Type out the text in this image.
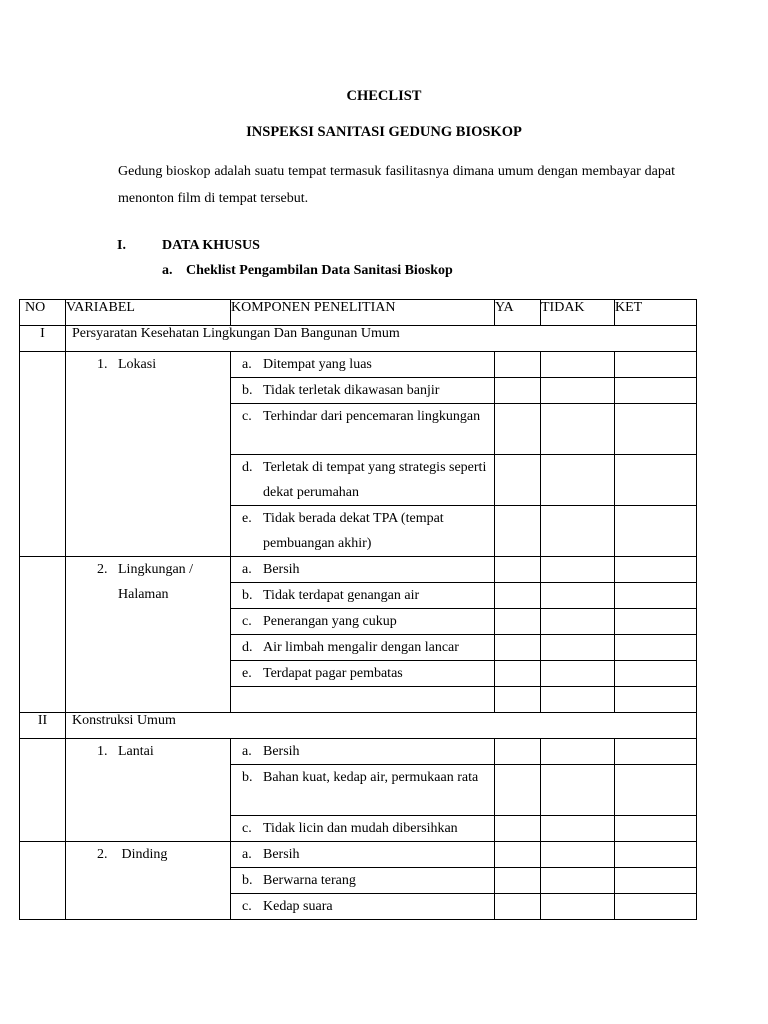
CHECLIST
INSPEKSI SANITASI GEDUNG BIOSKOP
Gedung bioskop adalah suatu tempat termasuk fasilitasnya dimana umum dengan membayar dapat menonton film di tempat tersebut.
I.	DATA KHUSUS
a. Cheklist Pengambilan Data Sanitasi Bioskop
NO	VARIABEL	KOMPONEN PENELITIAN	YA	TIDAK	KET
I	Persyaratan Kesehatan Lingkungan Dan Bangunan Umum				

	1. Lokasi	a. Ditempat yang luas			

		b. Tidak terletak dikawasan banjir			

		c. Terhindar dari pencemaran lingkungan			

		d. Terletak di tempat yang strategis seperti dekat perumahan			

		e. Tidak berada dekat TPA (tempat pembuangan akhir)			

	2. Lingkungan /
Halaman	a. Bersih			

		b. Tidak terdapat genangan air			

		c. Penerangan yang cukup			

		d. Air limbah mengalir dengan lancar			

		e. Terdapat pagar pembatas			

II	Konstruksi Umum				

	1. Lantai	a. Bersih			

		b. Bahan kuat, kedap air, permukaan rata			

		c. Tidak licin dan mudah dibersihkan			

	2. Dinding	a. Bersih			

		b. Berwarna terang			

		c. Kedap suara			
